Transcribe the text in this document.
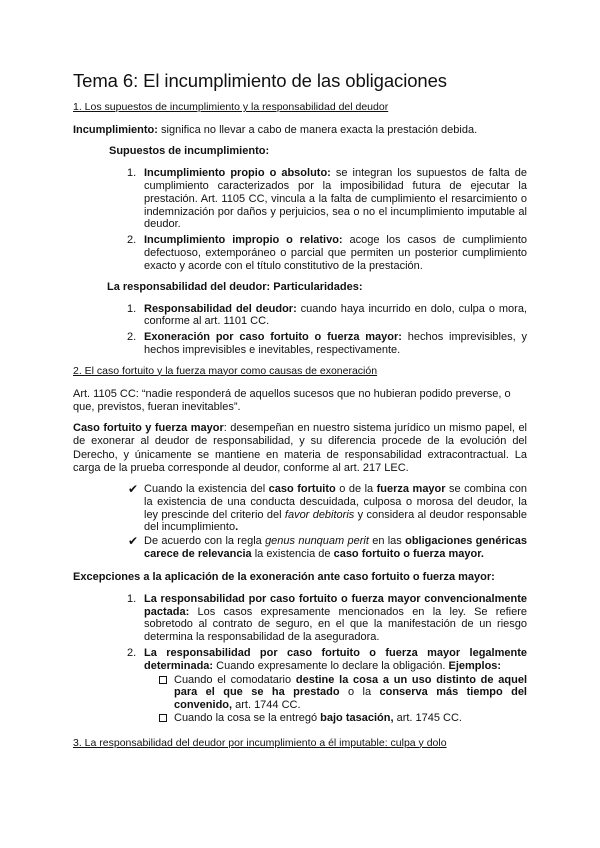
Tema 6: El incumplimiento de las obligaciones
1. Los supuestos de incumplimiento y la responsabilidad del deudor

Incumplimiento: significa no llevar a cabo de manera exacta la prestación debida.

Supuestos de incumplimiento:
1. Incumplimiento propio o absoluto: se integran los supuestos de falta de cumplimiento caracterizados por la imposibilidad futura de ejecutar la prestación. Art. 1105 CC, vincula a la falta de cumplimiento el resarcimiento o indemnización por daños y perjuicios, sea o no el incumplimiento imputable al deudor.
2. Incumplimiento impropio o relativo: acoge los casos de cumplimiento defectuoso, extemporáneo o parcial que permiten un posterior cumplimiento exacto y acorde con el título constitutivo de la prestación.
La responsabilidad del deudor: Particularidades:
1. Responsabilidad del deudor: cuando haya incurrido en dolo, culpa o mora, conforme al art. 1101 CC.
2. Exoneración por caso fortuito o fuerza mayor: hechos imprevisibles, y hechos imprevisibles e inevitables, respectivamente.
2. El caso fortuito y la fuerza mayor como causas de exoneración

Art. 1105 CC: “nadie responderá de aquellos sucesos que no hubieran podido preverse, o que, previstos, fueran inevitables”.

Caso fortuito y fuerza mayor: desempeñan en nuestro sistema jurídico un mismo papel, el de exonerar al deudor de responsabilidad, y su diferencia procede de la evolución del Derecho, y únicamente se mantiene en materia de responsabilidad extracontractual. La carga de la prueba corresponde al deudor, conforme al art. 217 LEC.

✔ Cuando la existencia del caso fortuito o de la fuerza mayor se combina con la existencia de una conducta descuidada, culposa o morosa del deudor, la ley prescinde del criterio del favor debitoris y considera al deudor responsable del incumplimiento.
✔ De acuerdo con la regla genus nunquam perit en las obligaciones genéricas carece de relevancia la existencia de caso fortuito o fuerza mayor.
Excepciones a la aplicación de la exoneración ante caso fortuito o fuerza mayor:
1. La responsabilidad por caso fortuito o fuerza mayor convencionalmente pactada: Los casos expresamente mencionados en la ley. Se refiere sobretodo al contrato de seguro, en el que la manifestación de un riesgo determina la responsabilidad de la aseguradora.
2. La responsabilidad por caso fortuito o fuerza mayor legalmente determinada: Cuando expresamente lo declare la obligación. Ejemplos:
Cuando el comodatario destine la cosa a un uso distinto de aquel para el que se ha prestado o la conserva más tiempo del convenido, art. 1744 CC.
Cuando la cosa se la entregó bajo tasación, art. 1745 CC.
3. La responsabilidad del deudor por incumplimiento a él imputable: culpa y dolo
